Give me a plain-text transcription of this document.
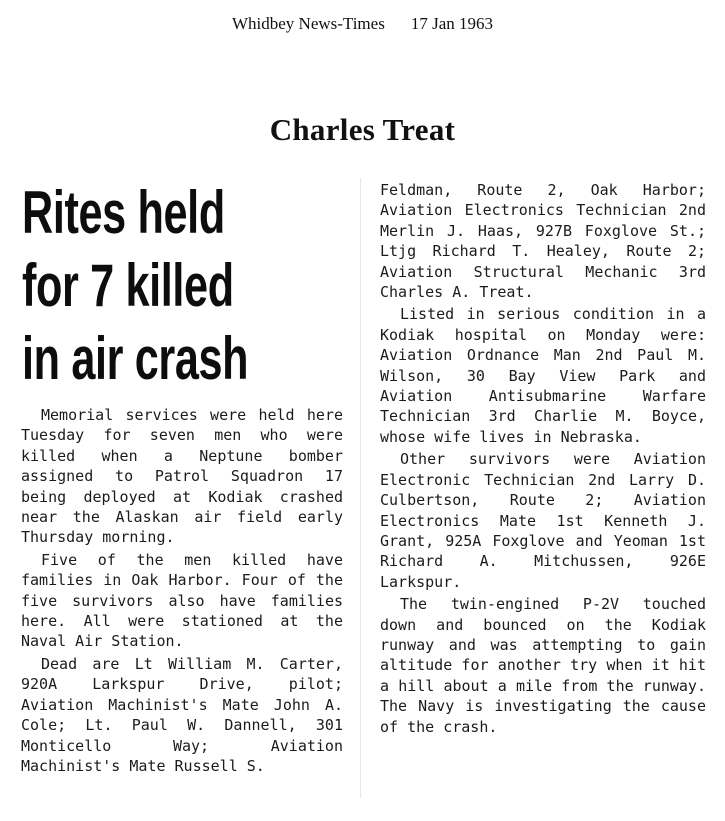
Whidbey News-Times 17 Jan 1963
Charles Treat
Rites held
for 7 killed
in air crash

Memorial services were held here Tuesday for seven men who were killed when a Neptune bomber assigned to Patrol Squadron 17 being deployed at Kodiak crashed near the Alaskan air field early Thursday morning.

Five of the men killed have families in Oak Harbor. Four of the five survivors also have families here. All were stationed at the Naval Air Station.

Dead are Lt William M. Carter, 920A Larkspur Drive, pilot; Aviation Machinist's Mate John A. Cole; Lt. Paul W. Dannell, 301 Monticello Way; Aviation Machinist's Mate Russell S.

Feldman, Route 2, Oak Harbor; Aviation Electronics Technician 2nd Merlin J. Haas, 927B Foxglove St.; Ltjg Richard T. Healey, Route 2; Aviation Structural Mechanic 3rd Charles A. Treat.

Listed in serious condition in a Kodiak hospital on Monday were: Aviation Ordnance Man 2nd Paul M. Wilson, 30 Bay View Park and Aviation Antisubmarine Warfare Technician 3rd Charlie M. Boyce, whose wife lives in Nebraska.

Other survivors were Aviation Electronic Technician 2nd Larry D. Culbertson, Route 2; Aviation Electronics Mate 1st Kenneth J. Grant, 925A Foxglove and Yeoman 1st Richard A. Mitchussen, 926E Larkspur.

The twin-engined P-2V touched down and bounced on the Kodiak runway and was attempting to gain altitude for another try when it hit a hill about a mile from the runway. The Navy is investigating the cause of the crash.
